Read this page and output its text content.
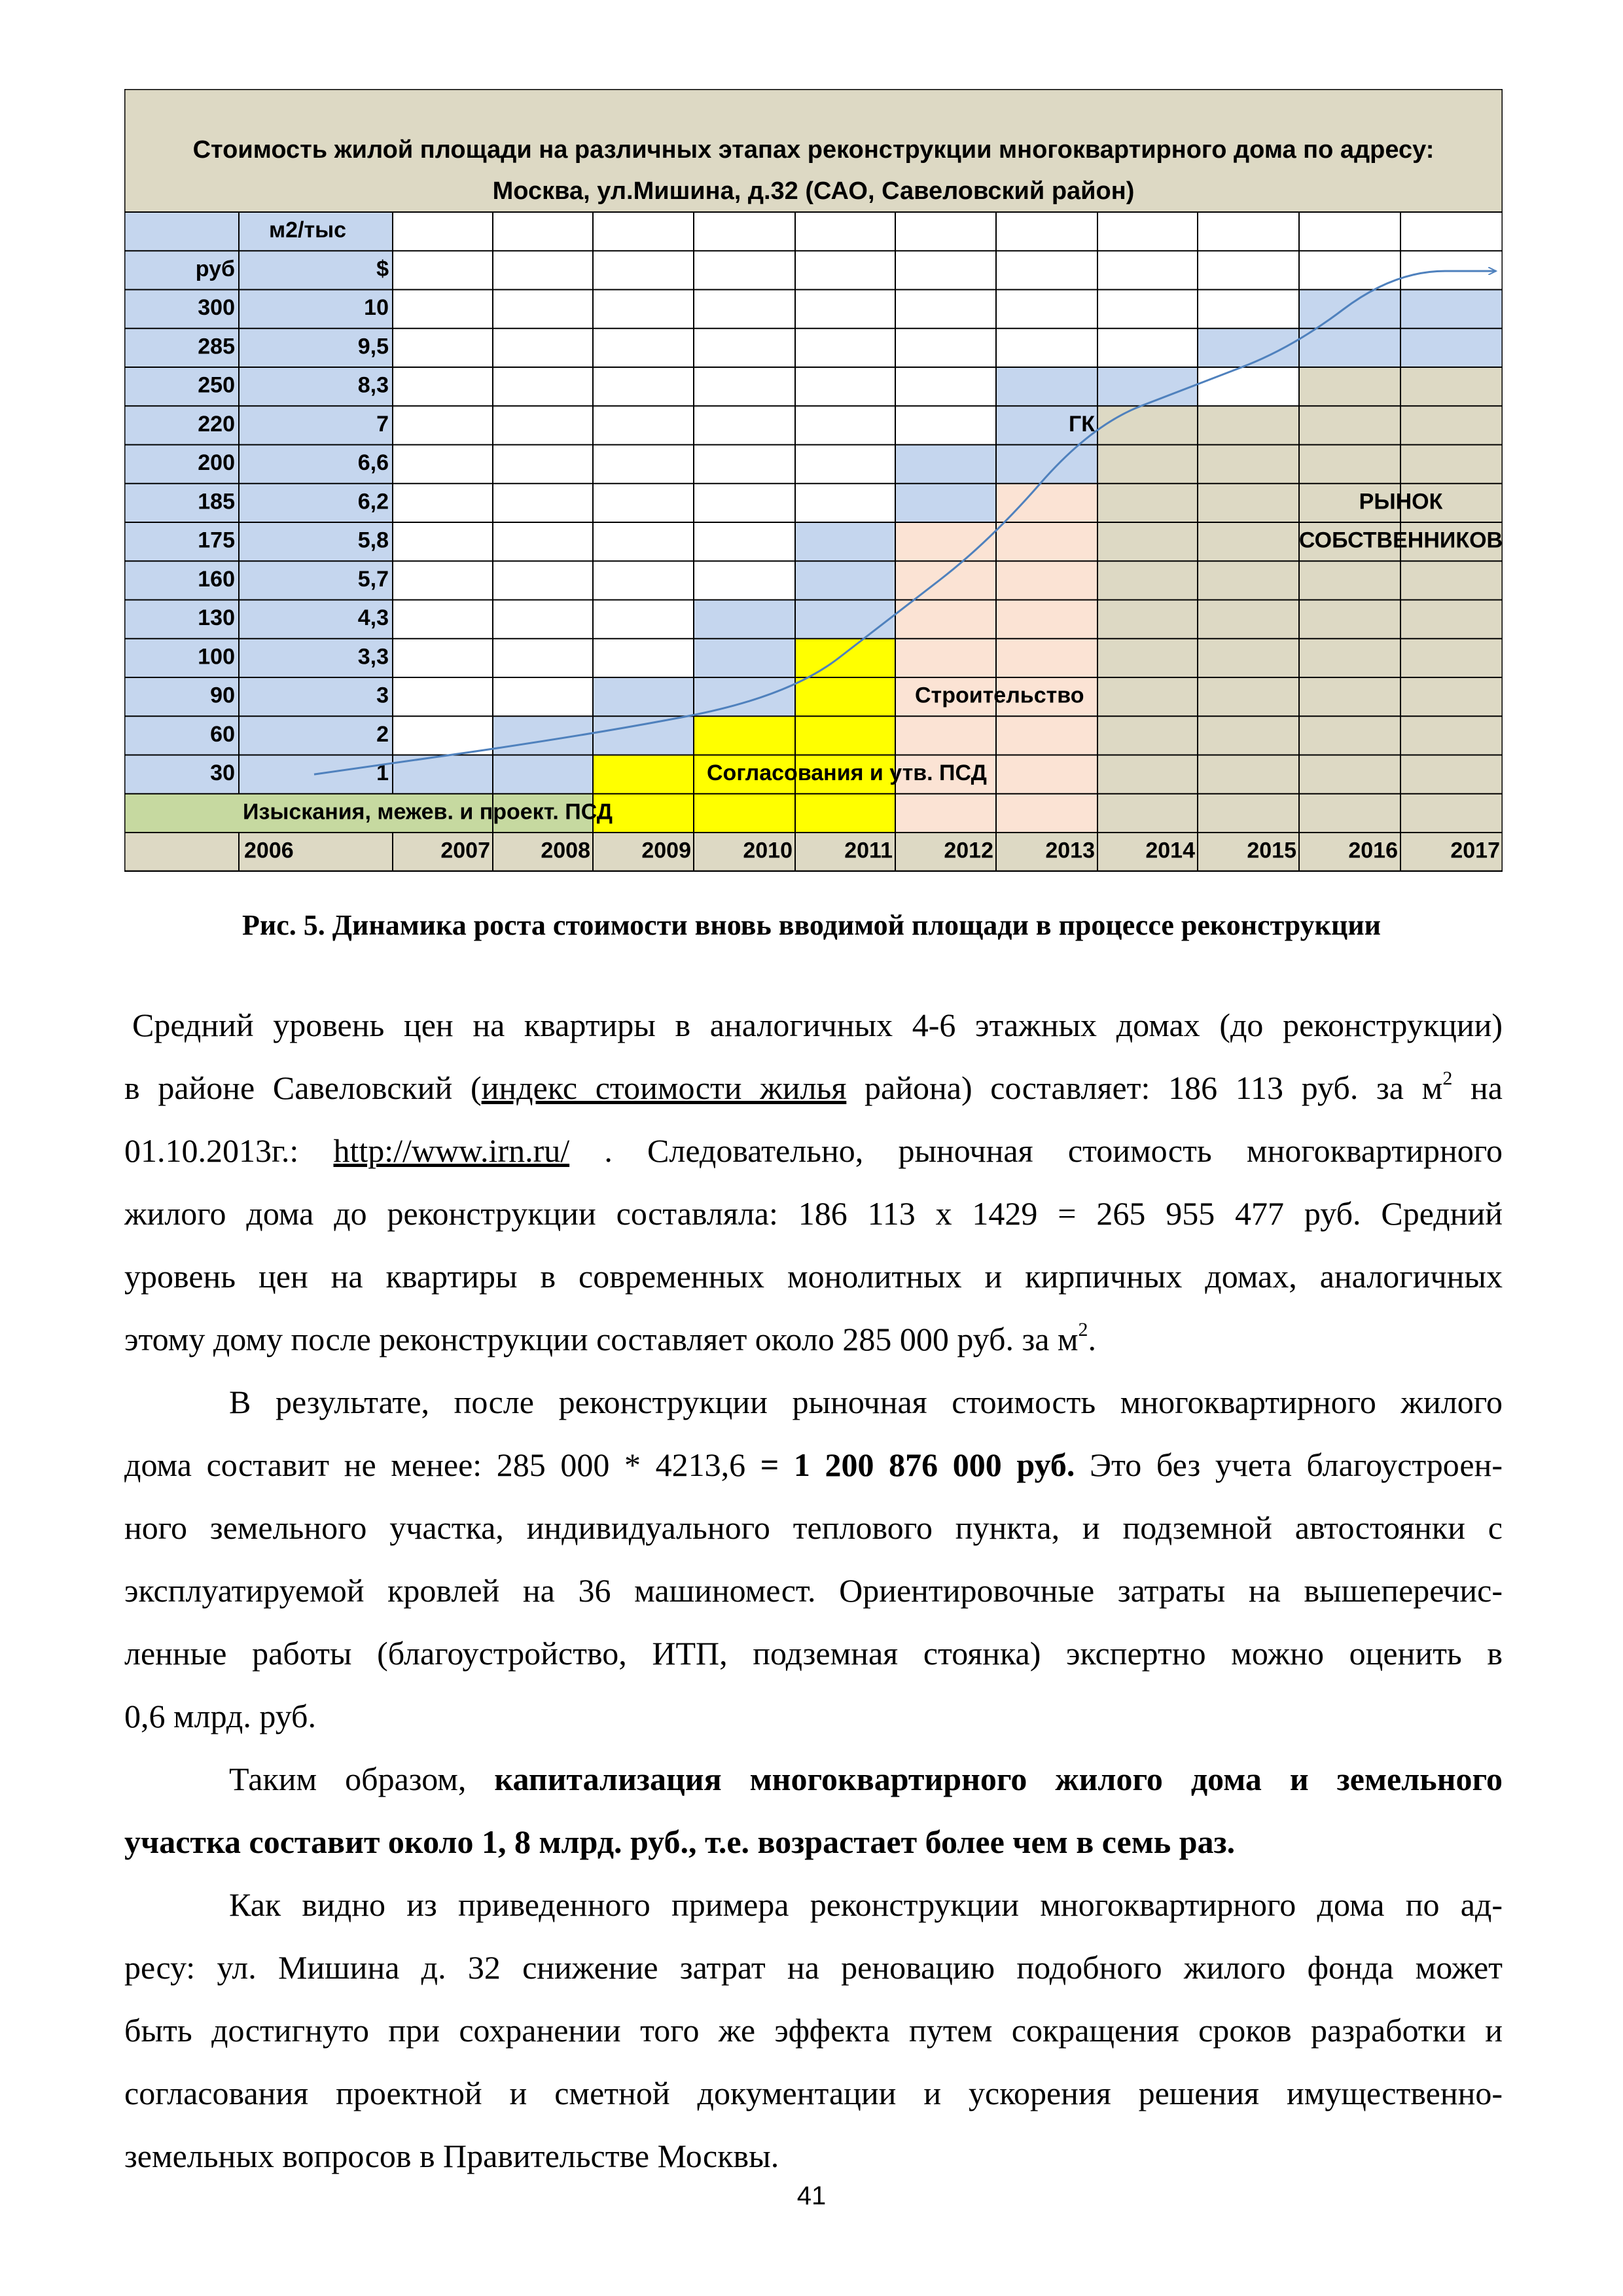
Стоимость жилой площади на различных этапах реконструкции многоквартирного дома по адресу:
Москва, ул.Мишина, д.32 (САО, Савеловский район)
м2/тыс
руб	$
300	10
285	9,5
250	8,3
220	7
200	6,6
185	6,2
175	5,8
160	5,7
130	4,3
100	3,3
90	3
60	2
30	1
2006	2007 2008 2009 2010 2011 2012 2013 2014 2015 2016 2017
Изыскания, межев. и проект. ПСД
Согласования и утв. ПСД
Строительство
ГК
РЫНОК
СОБСТВЕННИКОВ
Рис. 5. Динамика роста стоимости вновь вводимой площади в процессе реконструкции

Средний уровень цен на квартиры в аналогичных 4-6 этажных домах (до реконструкции)
в районе Савеловский (индекс стоимости жилья района) составляет: 186 113 руб. за $м^2$ на
01.10.2013г.: http://www.irn.ru/ . Следовательно, рыночная стоимость многоквартирного
жилого дома до реконструкции составляла: 186 113 х 1429 = 265 955 477 руб. Средний
уровень цен на квартиры в современных монолитных и кирпичных домах, аналогичных
этому дому после реконструкции составляет около 285 000 руб. за $м^2$.

В результате, после реконструкции рыночная стоимость многоквартирного жилого
дома составит не менее: 285 000 * 4213,6 = 1 200 876 000 руб. Это без учета благоустроен-
ного земельного участка, индивидуального теплового пункта, и подземной автостоянки с
эксплуатируемой кровлей на 36 машиномест. Ориентировочные затраты на вышеперечис-
ленные работы (благоустройство, ИТП, подземная стоянка) экспертно можно оценить в
0,6 млрд. руб.

Таким образом, капитализация многоквартирного жилого дома и земельного
участка составит около 1, 8 млрд. руб., т.е. возрастает более чем в семь раз.

Как видно из приведенного примера реконструкции многоквартирного дома по ад-
ресу: ул. Мишина д. 32 снижение затрат на реновацию подобного жилого фонда может
быть достигнуто при сохранении того же эффекта путем сокращения сроков разработки и
согласования проектной и сметной документации и ускорения решения имущественно-
земельных вопросов в Правительстве Москвы.

41
